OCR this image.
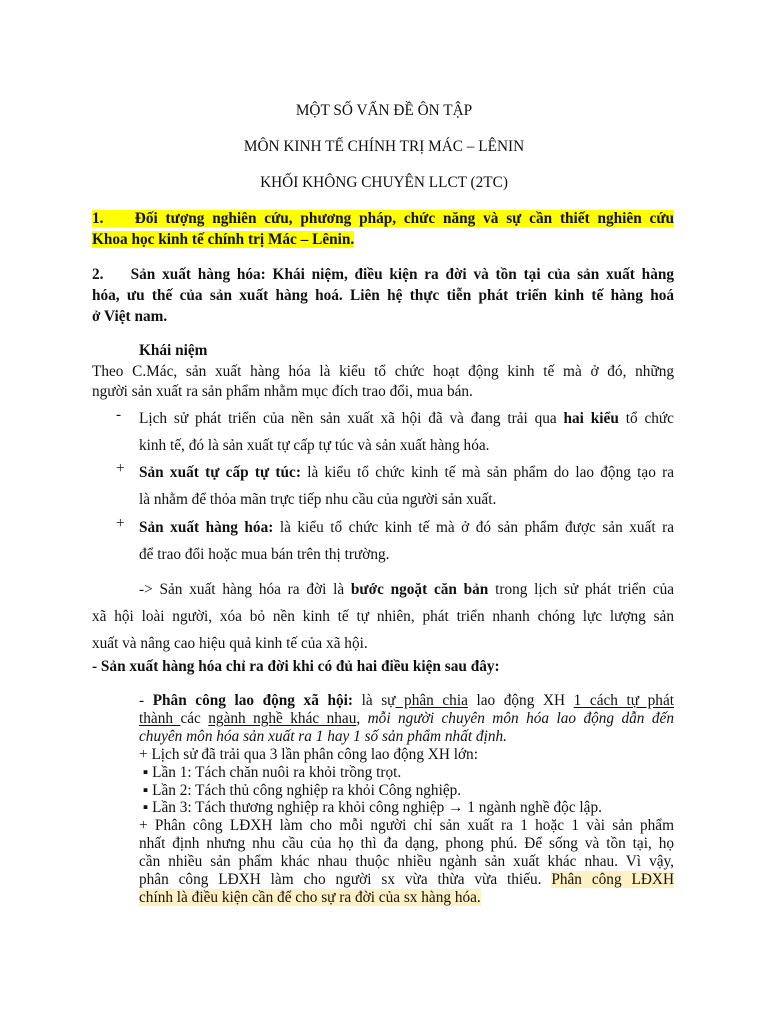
MỘT SỐ VẤN ĐỀ ÔN TẬP
MÔN KINH TẾ CHÍNH TRỊ MÁC – LÊNIN
KHỐI KHÔNG CHUYÊN LLCT (2TC)
1. Đối tượng nghiên cứu, phương pháp, chức năng và sự cần thiết nghiên cứu
Khoa học kinh tế chính trị Mác – Lênin.
2. Sản xuất hàng hóa: Khái niệm, điều kiện ra đời và tồn tại của sản xuất hàng
hóa, ưu thế của sản xuất hàng hoá. Liên hệ thực tiễn phát triển kinh tế hàng hoá
ở Việt nam.
Khái niệm
Theo C.Mác, sản xuất hàng hóa là kiểu tổ chức hoạt động kinh tế mà ở đó, những
người sản xuất ra sản phẩm nhằm mục đích trao đổi, mua bán.
- Lịch sử phát triển của nền sản xuất xã hội đã và đang trải qua hai kiểu tổ chức
kinh tế, đó là sản xuất tự cấp tự túc và sản xuất hàng hóa.
+ Sản xuất tự cấp tự túc: là kiểu tổ chức kinh tế mà sản phẩm do lao động tạo ra
là nhằm để thỏa mãn trực tiếp nhu cầu của người sản xuất.
+ Sản xuất hàng hóa: là kiểu tổ chức kinh tế mà ở đó sản phẩm được sản xuất ra
để trao đổi hoặc mua bán trên thị trường.
-> Sản xuất hàng hóa ra đời là bước ngoặt căn bản trong lịch sử phát triển của
xã hội loài người, xóa bỏ nền kinh tế tự nhiên, phát triển nhanh chóng lực lượng sản
xuất và nâng cao hiệu quả kinh tế của xã hội.
- Sản xuất hàng hóa chỉ ra đời khi có đủ hai điều kiện sau đây:
- Phân công lao động xã hội: là sự phân chia lao động XH 1 cách tự phát
thành các ngành nghề khác nhau, mỗi người chuyên môn hóa lao động dẫn đến
chuyên môn hóa sản xuất ra 1 hay 1 số sản phẩm nhất định.
+ Lịch sử đã trải qua 3 lần phân công lao động XH lớn:
▪ Lần 1: Tách chăn nuôi ra khỏi trồng trọt.
▪ Lần 2: Tách thủ công nghiệp ra khỏi Công nghiệp.
▪ Lần 3: Tách thương nghiệp ra khỏi công nghiệp → 1 ngành nghề độc lập.
+ Phân công LĐXH làm cho mỗi người chỉ sản xuất ra 1 hoặc 1 vài sản phẩm
nhất định nhưng nhu cầu của họ thì đa dạng, phong phú. Để sống và tồn tại, họ
cần nhiều sản phẩm khác nhau thuộc nhiều ngành sản xuất khác nhau. Vì vậy,
phân công LĐXH làm cho người sx vừa thừa vừa thiếu. Phân công LĐXH
chính là điều kiện cần để cho sự ra đời của sx hàng hóa.
